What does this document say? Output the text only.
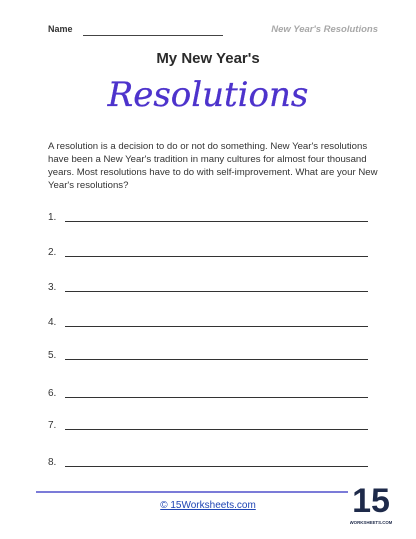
Name	New Year's Resolutions
My New Year's
Resolutions
A resolution is a decision to do or not do something. New Year's resolutions have been a New Year's tradition in many cultures for almost four thousand years. Most resolutions have to do with self-improvement. What are your New Year's resolutions?
1.
2.
3.
4.
5.
6.
7.
8.
© 15Worksheets.com	15
WORKSHEETS.COM
